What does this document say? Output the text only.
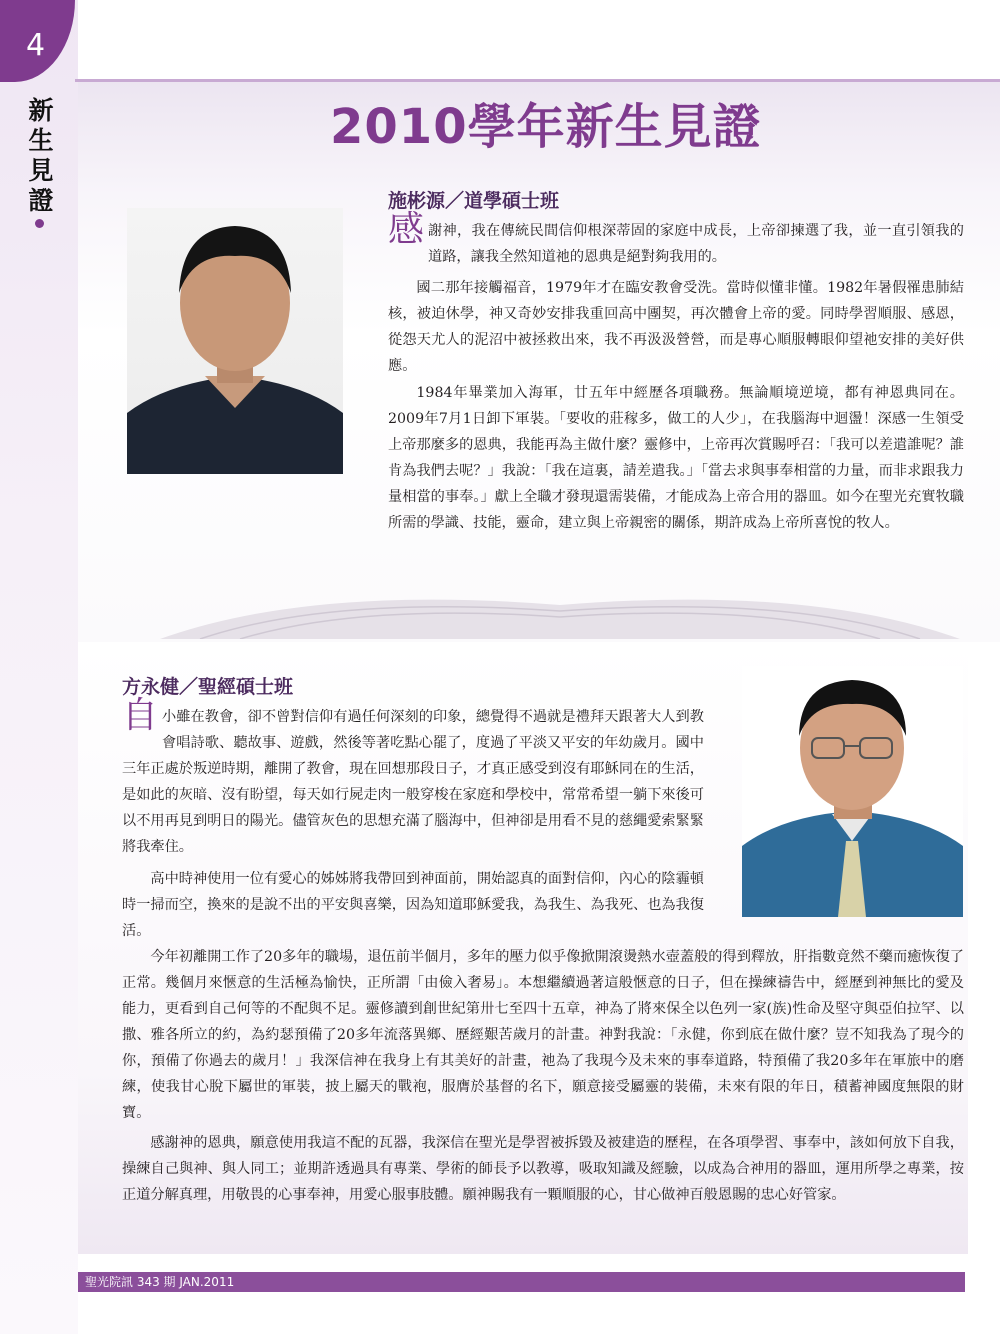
4
新
生
見
證
2010學年新生見證
施彬源／道學碩士班

感謝神，我在傳統民間信仰根深蒂固的家庭中成長，上帝卻揀選了我，並一直引領我的道路，讓我全然知道祂的恩典是絕對夠我用的。

國二那年接觸福音，1979年才在臨安教會受洗。當時似懂非懂。1982年暑假罹患肺結核，被迫休學，神又奇妙安排我重回高中團契，再次體會上帝的愛。同時學習順服、感恩，從怨天尤人的泥沼中被拯救出來，我不再汲汲營營，而是專心順服轉眼仰望祂安排的美好供應。

1984年畢業加入海軍，廿五年中經歷各項職務。無論順境逆境，都有神恩典同在。2009年7月1日卸下軍裝。「要收的莊稼多，做工的人少」，在我腦海中迴盪！深感一生領受上帝那麼多的恩典，我能再為主做什麼？靈修中，上帝再次賞賜呼召：「我可以差遣誰呢？誰肯為我們去呢？」我說：「我在這裏，請差遣我。」「當去求與事奉相當的力量，而非求跟我力量相當的事奉。」獻上全職才發現還需裝備，才能成為上帝合用的器皿。如今在聖光充實牧職所需的學識、技能，靈命，建立與上帝親密的關係，期許成為上帝所喜悅的牧人。

方永健／聖經碩士班

自小雖在教會，卻不曾對信仰有過任何深刻的印象，總覺得不過就是禮拜天跟著大人到教會唱詩歌、聽故事、遊戲，然後等著吃點心罷了，度過了平淡又平安的年幼歲月。國中三年正處於叛逆時期，離開了教會，現在回想那段日子，才真正感受到沒有耶穌同在的生活，是如此的灰暗、沒有盼望，每天如行屍走肉一般穿梭在家庭和學校中，常常希望一躺下來後可以不用再見到明日的陽光。儘管灰色的思想充滿了腦海中，但神卻是用看不見的慈繩愛索緊緊將我牽住。

高中時神使用一位有愛心的姊姊將我帶回到神面前，開始認真的面對信仰，內心的陰霾頓時一掃而空，換來的是說不出的平安與喜樂，因為知道耶穌愛我，為我生、為我死、也為我復活。

今年初離開工作了20多年的職場，退伍前半個月，多年的壓力似乎像掀開滾燙熱水壺蓋般的得到釋放，肝指數竟然不藥而癒恢復了正常。幾個月來愜意的生活極為愉快，正所謂「由儉入奢易」。本想繼續過著這般愜意的日子，但在操練禱告中，經歷到神無比的愛及能力，更看到自己何等的不配與不足。靈修讀到創世紀第卅七至四十五章，神為了將來保全以色列一家(族)性命及堅守與亞伯拉罕、以撒、雅各所立的約，為約瑟預備了20多年流落異鄉、歷經艱苦歲月的計畫。神對我說：「永健，你到底在做什麼？豈不知我為了現今的你，預備了你過去的歲月！」我深信神在我身上有其美好的計畫，祂為了我現今及未來的事奉道路，特預備了我20多年在軍旅中的磨練，使我甘心脫下屬世的軍裝，披上屬天的戰袍，服膺於基督的名下，願意接受屬靈的裝備，未來有限的年日，積蓄神國度無限的財寶。

感謝神的恩典，願意使用我這不配的瓦器，我深信在聖光是學習被拆毀及被建造的歷程，在各項學習、事奉中，該如何放下自我，操練自己與神、與人同工；並期許透過具有專業、學術的師長予以教導，吸取知識及經驗，以成為合神用的器皿，運用所學之專業，按正道分解真理，用敬畏的心事奉神，用愛心服事肢體。願神賜我有一顆順服的心，甘心做神百般恩賜的忠心好管家。

聖光院訊 343 期 JAN.2011
